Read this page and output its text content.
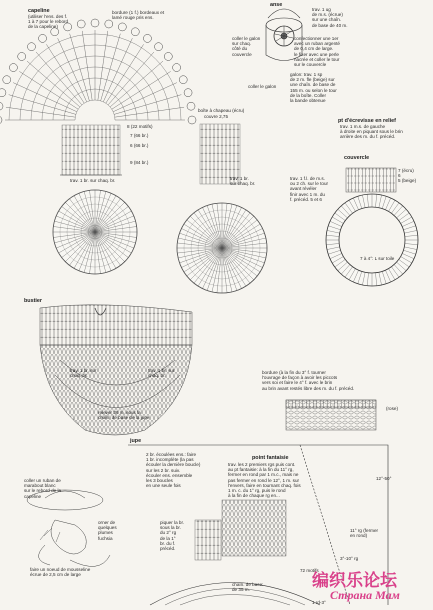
capeline
(utiliser l'ens. des f.
1 à 7 pour le rebord
de la capeline)
bordure (1 f.) bordeaux et
lamé rouge pris ens.
8 (22 motifs)
7 (66 br.)
6 (66 br.)
9 (84 br.)
trav. 1 br. sur chaq. br.
anse
trav. 1 ug
de m.s. (écrue)
sur une chaîn.
de base de 40 m.
confectionner une 1er
avec un ruban argenté
de 0,4 cm de large.
le fixer avec une perle
nacrée et coller le tour
sur le couvercle
coller le galon
sur chaq.
côté du
couvercle
galon: trav. 1 sp
de 2 m. fle (beige) sur
une chaîn. de base de
155 m. ou selon le tour
de la boîte. Coller
la bande obtenue
coller le galon
boîte à chapeau (écru)
couvre 2,75
trav. 1 br.
sur chaq. br.
pt d'écrevisse en relief
trav. 1 m.s. de gauche
à droite en piquant sous le brin
arrière des m. du f. précéd.
couvercle
7 (écru)
6
5 (beige)
trav. 1 f.l. de m.s.
ou 2 ch. sur le tour
avant révéler
finir avec 1 m. du
f. précéd. 5 et 6
7 à 4°: L sur toile
bustier
trav. 1 br. sur
chaq. br.
trav. 1 br. sur
chaq. br.
relever 36 m. sous la
chaîn. de base de la jupe
bordure (à la fin du 3° f. tourner
l'ouvrage de façon à avoir les piccots
vers soi et faire le 4° f. avec le brin
au brin avant restés libre des m. du f. précéd.
(rose)
jupe
2 br. écoulées ens.: faire
1 br. incomplète (la pas
écouler la dernière boucle)
sur les 2 br. suiv.
écouler ens. ensemble
les 3 boucles
en une seule fois
point fantaisie
trav. les 2 premiers rgs puis cont.
au pt fantaisie: à la fin du 11° rg,
fermer en rond par 1 m.c., mais ne
pas fermer en rond le 12°, 1 m. sur
l'envers, faire en tournant chaq. fois
1 m. c. du 1° rg, puis le rond
à la fin de chaque rg en...
coller un ruban de
marabout blanc
sur le rebord de la
capeline
orner de
quelques
plumes
fuchsia
faire un noeud de mousseline
écrue de 2,5 cm de large
piquer la br.
sous la br.
du 2° rg
de la 1°
br. du f.
précéd.
chaîn. de base:
de 35 m.
12°-50°
11° rg (fermer
en rond)
3°-10° rg
72 motifs
编织乐论坛
Страна Мам
1 rd-3°
